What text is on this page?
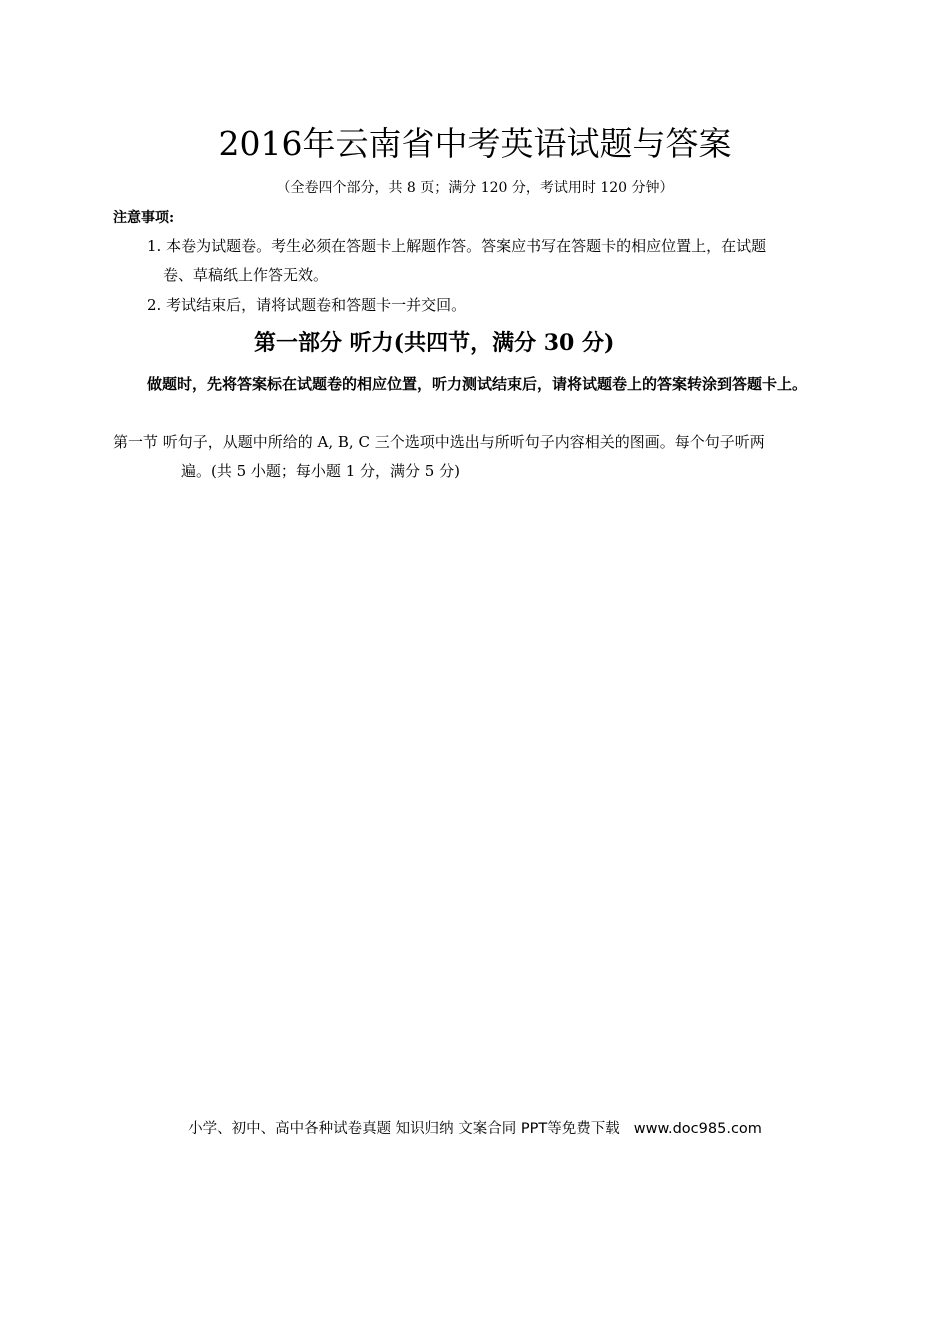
2016年云南省中考英语试题与答案
（全卷四个部分，共 8 页；满分 120 分，考试用时 120 分钟）
注意事项:
1. 本卷为试题卷。考生必须在答题卡上解题作答。答案应书写在答题卡的相应位置上，在试题
卷、草稿纸上作答无效。
2. 考试结束后，请将试题卷和答题卡一并交回。
第一部分 听力(共四节，满分 30 分)
做题时，先将答案标在试题卷的相应位置，听力测试结束后，请将试题卷上的答案转涂到答题卡上。
第一节 听句子，从题中所给的 A, B, C 三个选项中选出与所听句子内容相关的图画。每个句子听两
遍。(共 5 小题；每小题 1 分，满分 5 分)
小学、初中、高中各种试卷真题 知识归纳 文案合同 PPT等免费下载 www.doc985.com
